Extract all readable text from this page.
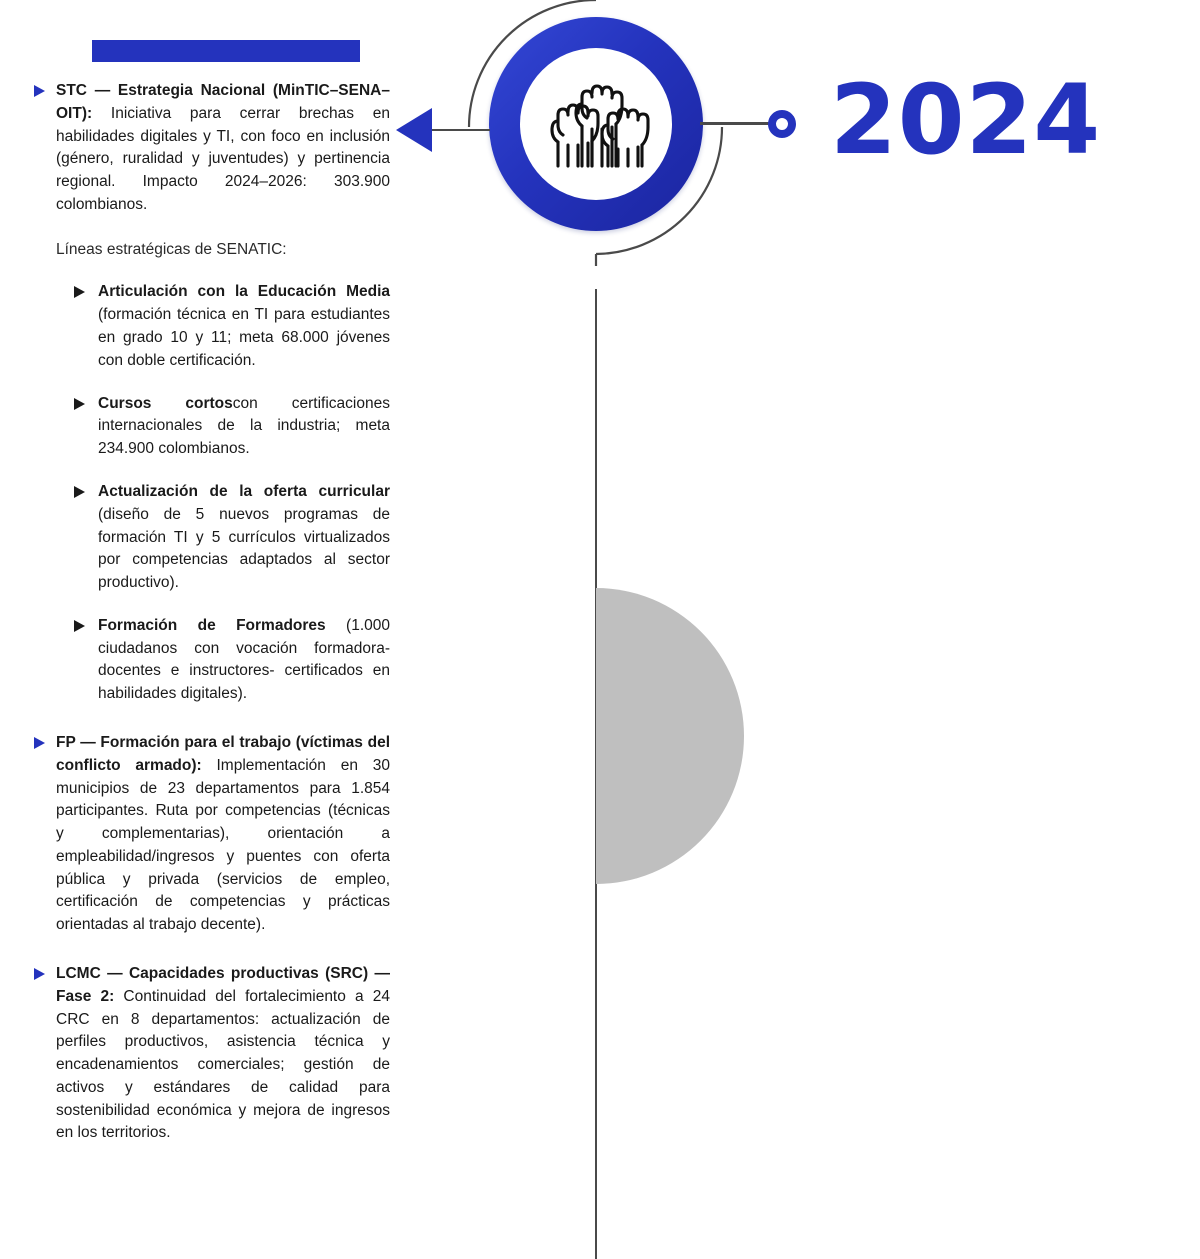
2024
STC — Estrategia Nacional (MinTIC–SENA–OIT): Iniciativa para cerrar brechas en habilidades digitales y TI, con foco en inclusión (género, ruralidad y juventudes) y pertinencia regional. Impacto 2024–2026: 303.900 colombianos.
Líneas estratégicas de SENATIC:
Articulación con la Educación Media (formación técnica en TI para estudiantes en grado 10 y 11; meta 68.000 jóvenes con doble certificación.
Cursos cortoscon certificaciones internacionales de la industria; meta 234.900 colombianos.
Actualización de la oferta curricular (diseño de 5 nuevos programas de formación TI y 5 currículos virtualizados por competencias adaptados al sector productivo).
Formación de Formadores (1.000 ciudadanos con vocación formadora-docentes e instructores- certificados en habilidades digitales).
FP — Formación para el trabajo (víctimas del conflicto armado): Implementación en 30 municipios de 23 departamentos para 1.854 participantes. Ruta por competencias (técnicas y complementarias), orientación a empleabilidad/ingresos y puentes con oferta pública y privada (servicios de empleo, certificación de competencias y prácticas orientadas al trabajo decente).
LCMC — Capacidades productivas (SRC) — Fase 2: Continuidad del fortalecimiento a 24 CRC en 8 departamentos: actualización de perfiles productivos, asistencia técnica y encadenamientos comerciales; gestión de activos y estándares de calidad para sostenibilidad económica y mejora de ingresos en los territorios.
